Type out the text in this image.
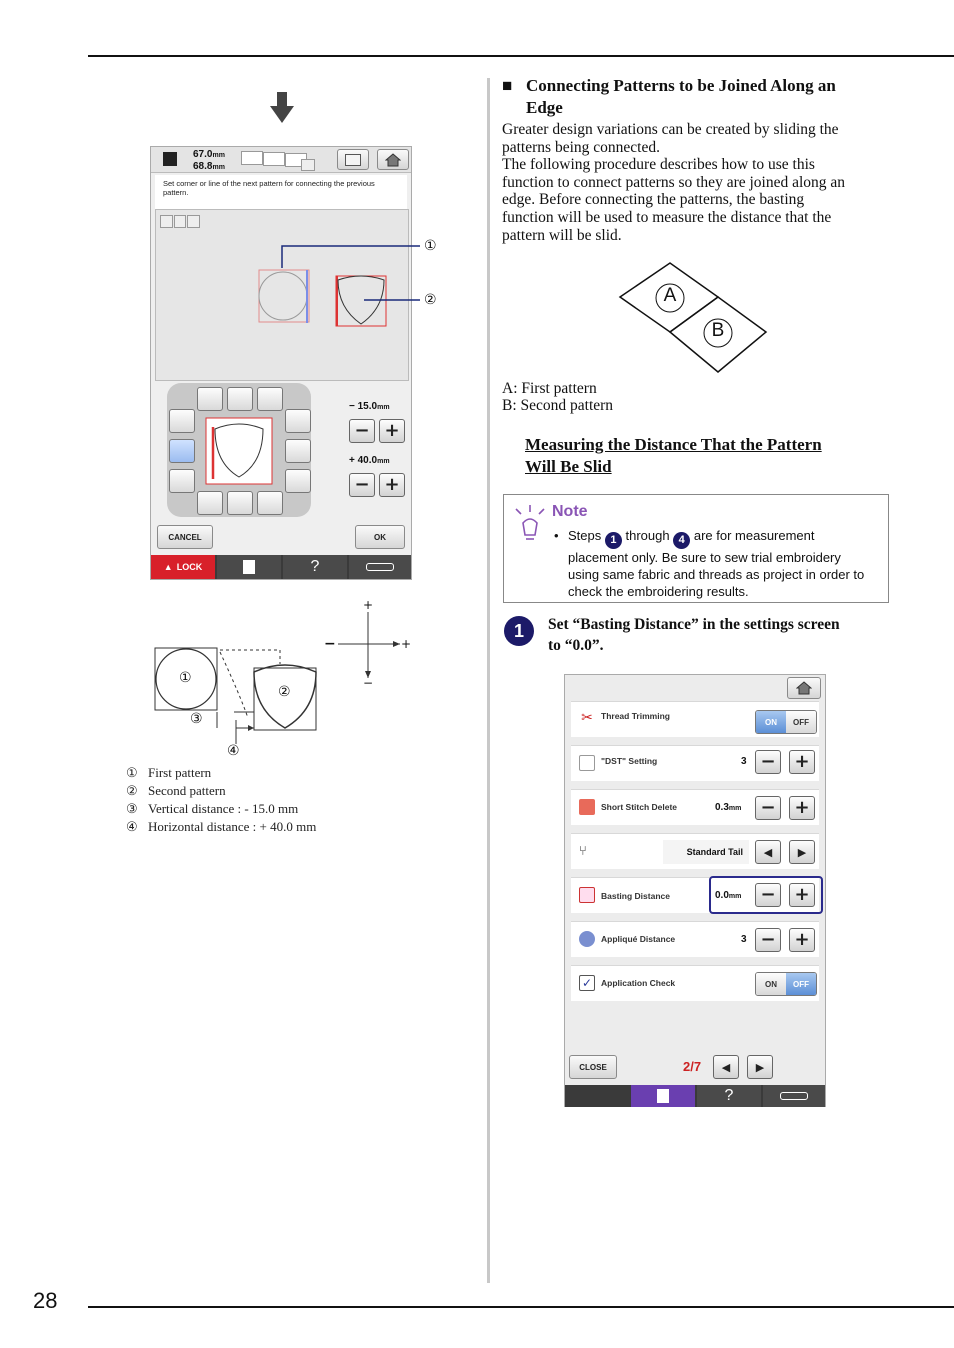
28
67.0mm
68.8mm
Set corner or line of the next pattern for connecting the previous pattern.
− 15.0mm
− +
+ 40.0mm
− +
CANCEL	OK
▲ LOCK	?
①
②
+
+
−
−
①
②
③
④
① First pattern
② Second pattern
③ Vertical distance : - 15.0 mm
④ Horizontal distance : + 40.0 mm
■ Connecting Patterns to be Joined Along an
Edge
Greater design variations can be created by sliding the
patterns being connected.
The following procedure describes how to use this
function to connect patterns so they are joined along an
edge. Before connecting the patterns, the basting
function will be used to measure the distance that the
pattern will be slid.
A
B
A: First pattern
B: Second pattern
Measuring the Distance That the Pattern
Will Be Slid
Note
• Steps 1 through 4 are for measurement
placement only. Be sure to sew trial embroidery
using same fabric and threads as project in order to
check the embroidering results.
1	Set “Basting Distance” in the settings screen
to “0.0”.
✂ Thread Trimming
ON	OFF
"DST" Setting	3 −	+
Short Stitch Delete	0.3mm	−	+
⑂	Standard Tail	◀	▶
Basting Distance	0.0mm	−	+
Appliqué Distance	3 −	+
✓	Application Check	ON	OFF
CLOSE	2/7	◀	▶
?
